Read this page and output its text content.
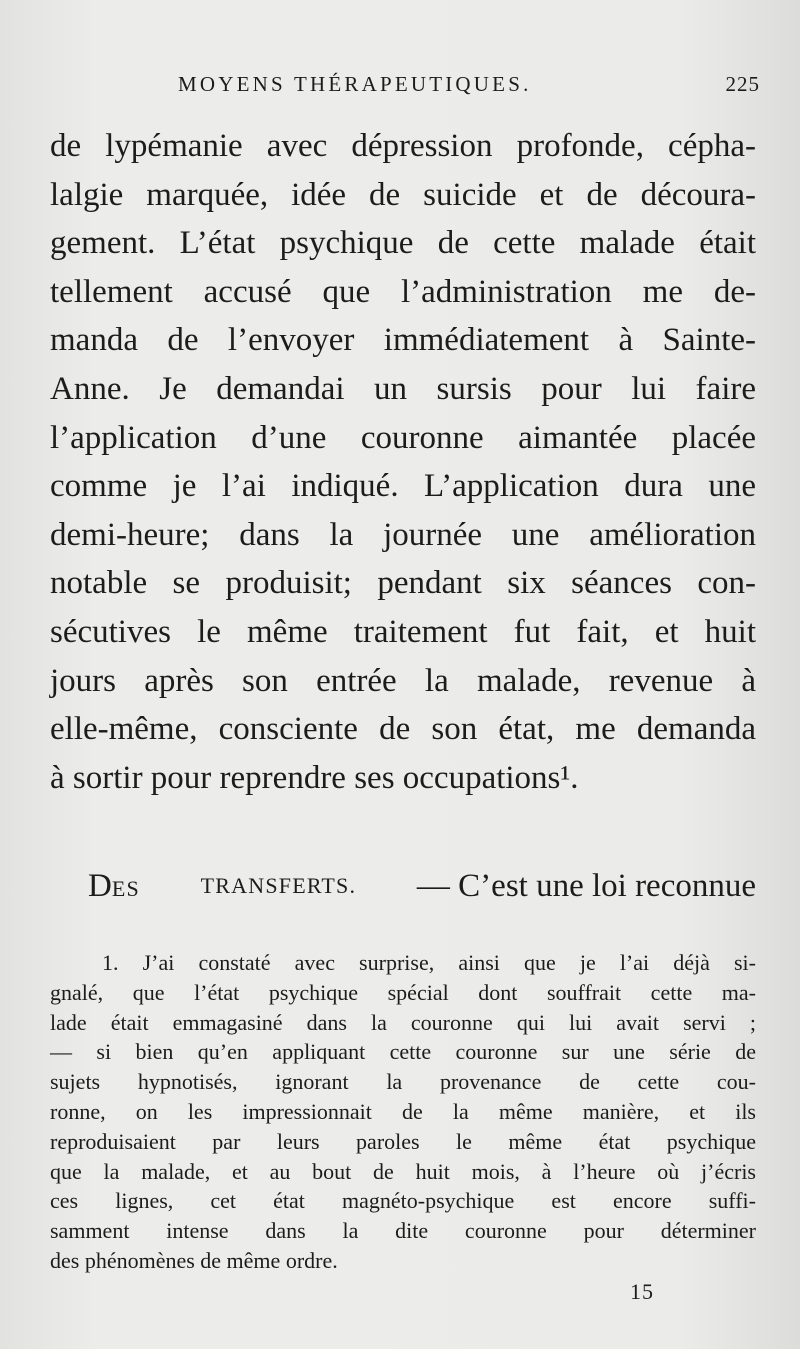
MOYENS THÉRAPEUTIQUES.	225
de lypémanie avec dépression profonde, cépha-
lalgie marquée, idée de suicide et de découra-
gement. L’état psychique de cette malade était
tellement accusé que l’administration me de-
manda de l’envoyer immédiatement à Sainte-
Anne. Je demandai un sursis pour lui faire
l’application d’une couronne aimantée placée
comme je l’ai indiqué. L’application dura une
demi-heure; dans la journée une amélioration
notable se produisit; pendant six séances con-
sécutives le même traitement fut fait, et huit
jours après son entrée la malade, revenue à
elle-même, consciente de son état, me demanda
à sortir pour reprendre ses occupations¹.
DES	TRANSFERTS. — C’est une loi reconnue
1. J’ai constaté avec surprise, ainsi que je l’ai déjà si-
gnalé, que l’état psychique spécial dont souffrait cette ma-
lade était emmagasiné dans la couronne qui lui avait servi ;
— si bien qu’en appliquant cette couronne sur une série de
sujets hypnotisés, ignorant la provenance de cette cou-
ronne, on les impressionnait de la même manière, et ils
reproduisaient par leurs paroles le même état psychique
que la malade, et au bout de huit mois, à l’heure où j’écris
ces lignes, cet état magnéto-psychique est encore suffi-
samment intense dans la dite couronne pour déterminer
des phénomènes de même ordre.
15
